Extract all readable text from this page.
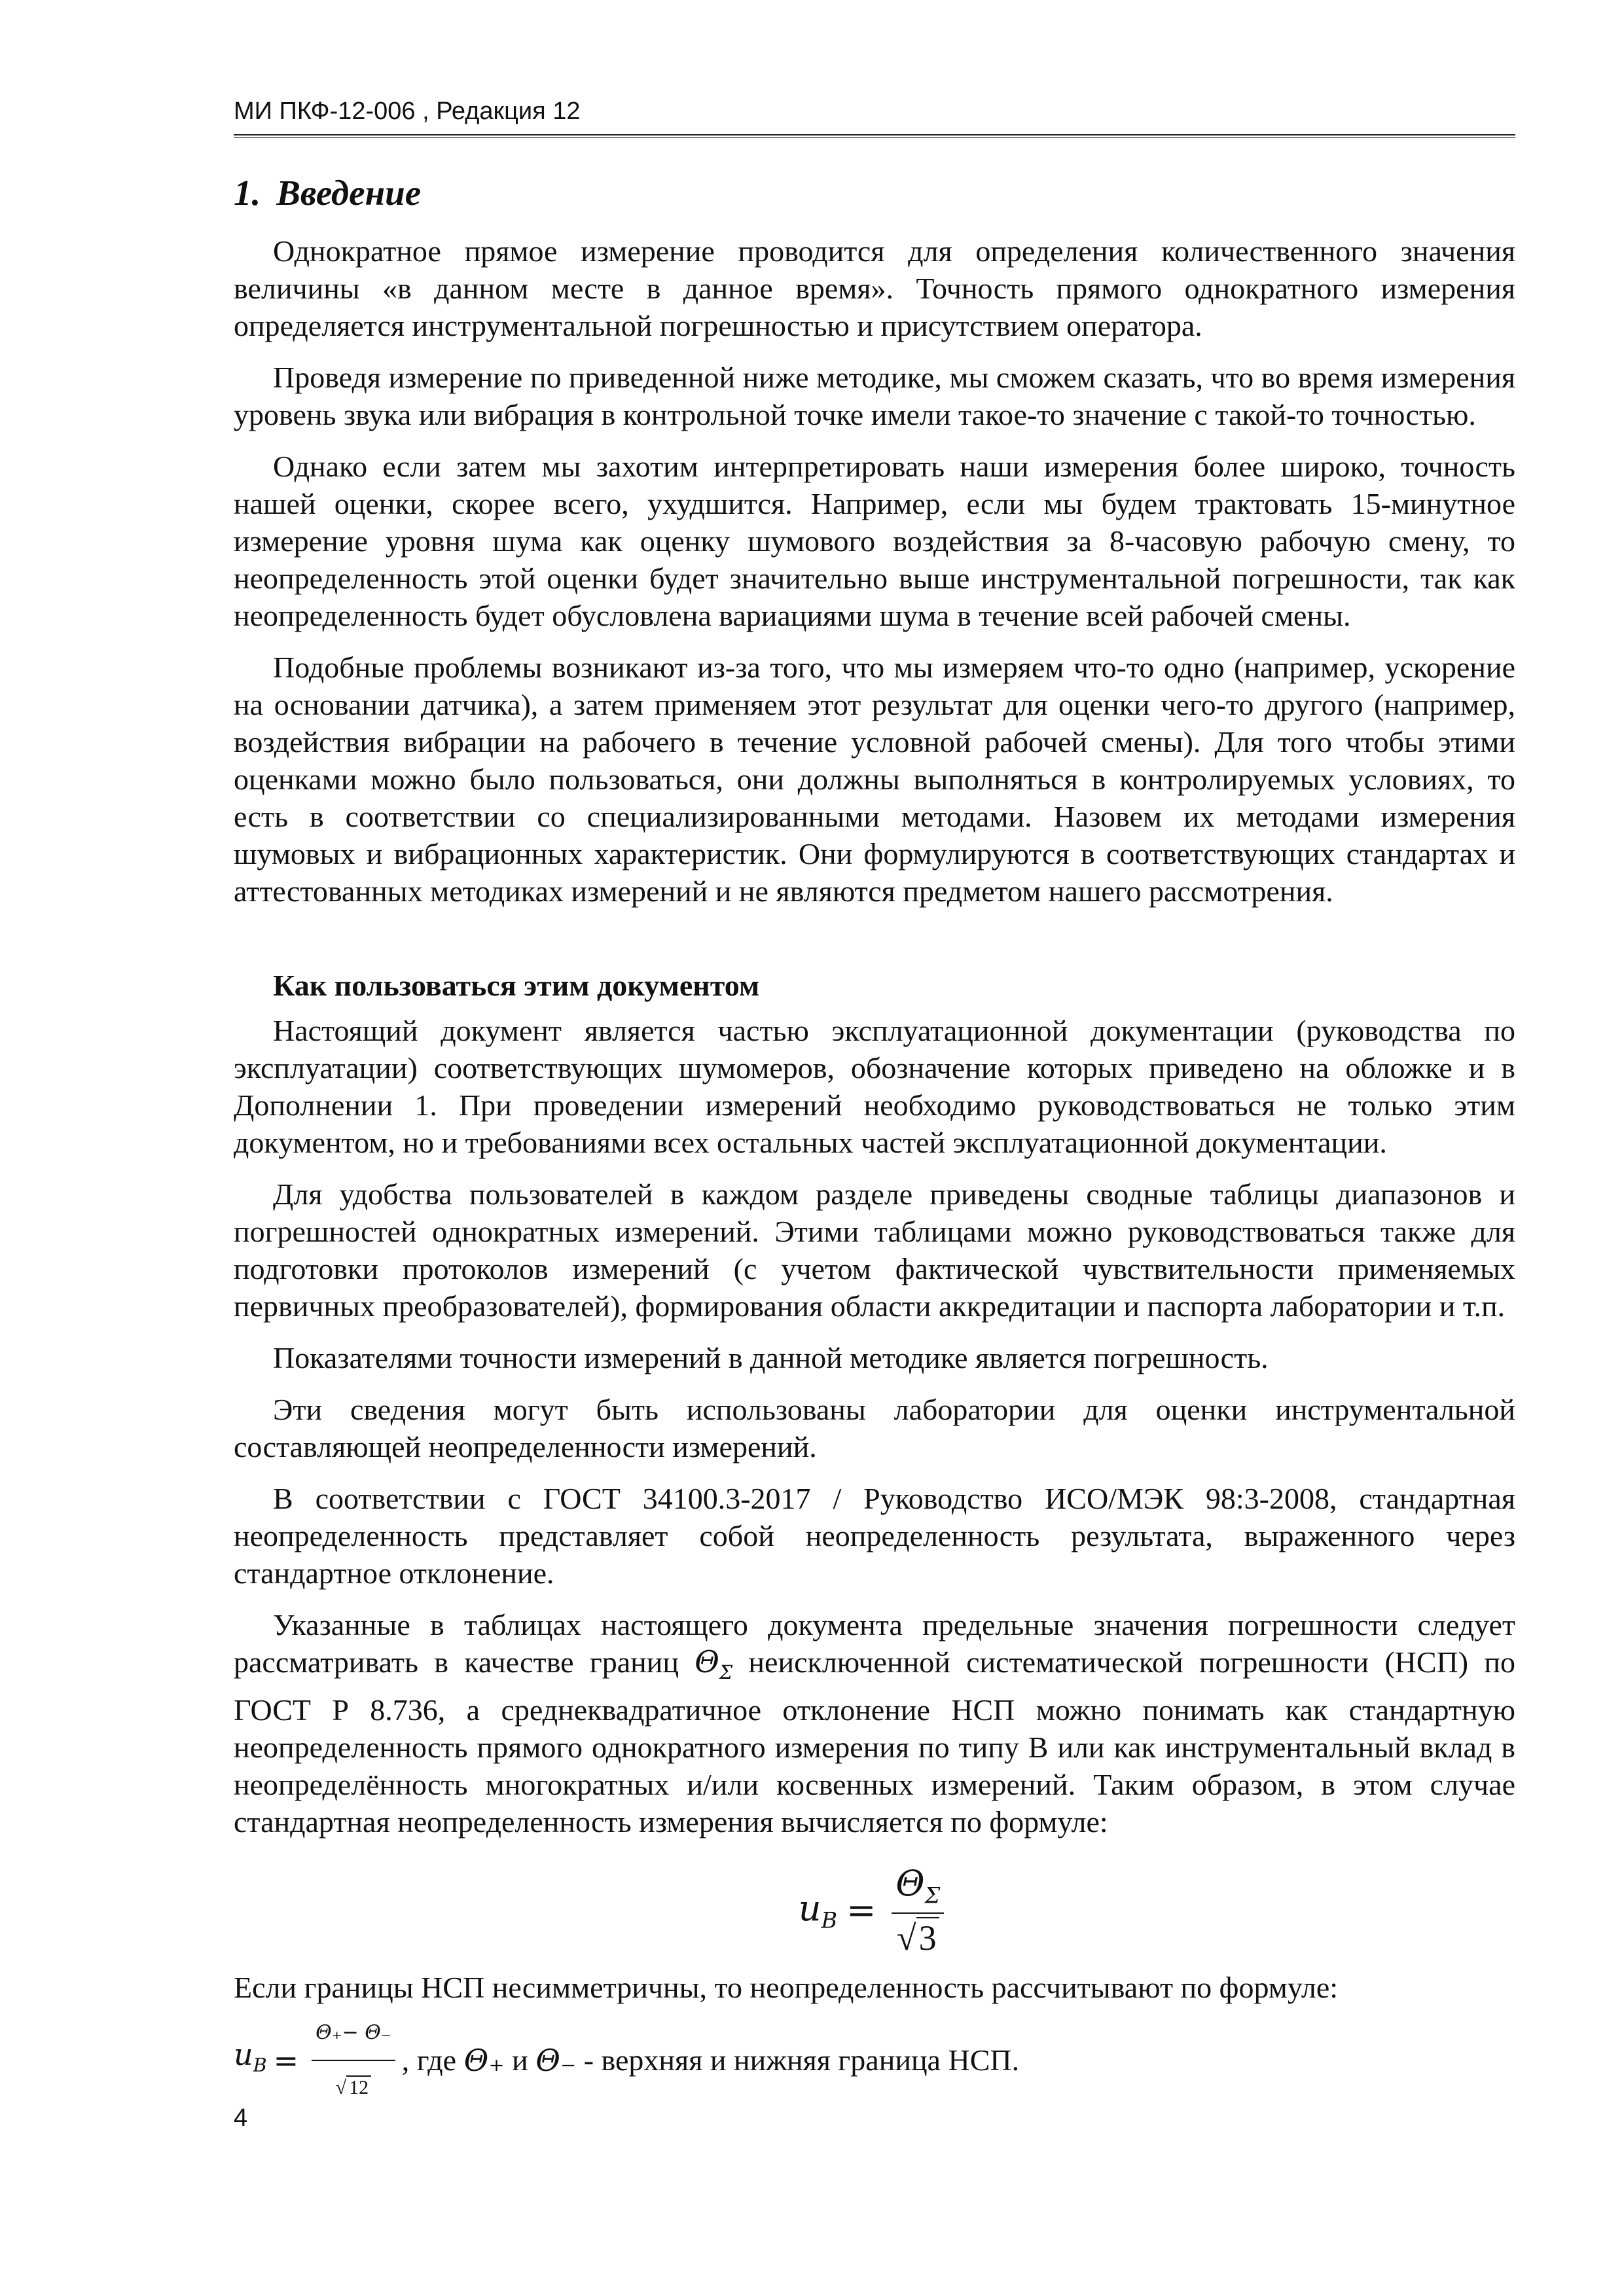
МИ ПКФ-12-006 , Редакция 12
1. Введение

Однократное прямое измерение проводится для определения количественного значения величины «в данном месте в данное время». Точность прямого однократного измерения определяется инструментальной погрешностью и присутствием оператора.

Проведя измерение по приведенной ниже методике, мы сможем сказать, что во время измерения уровень звука или вибрация в контрольной точке имели такое-то значение с такой-то точностью.

Однако если затем мы захотим интерпретировать наши измерения более широко, точность нашей оценки, скорее всего, ухудшится. Например, если мы будем трактовать 15-минутное измерение уровня шума как оценку шумового воздействия за 8-часовую рабочую смену, то неопределенность этой оценки будет значительно выше инструментальной погрешности, так как неопределенность будет обусловлена вариациями шума в течение всей рабочей смены.

Подобные проблемы возникают из-за того, что мы измеряем что-то одно (например, ускорение на основании датчика), а затем применяем этот результат для оценки чего-то другого (например, воздействия вибрации на рабочего в течение условной рабочей смены). Для того чтобы этими оценками можно было пользоваться, они должны выполняться в контролируемых условиях, то есть в соответствии со специализированными методами. Назовем их методами измерения шумовых и вибрационных характеристик. Они формулируются в соответствующих стандартах и аттестованных методиках измерений и не являются предметом нашего рассмотрения.

Как пользоваться этим документом

Настоящий документ является частью эксплуатационной документации (руководства по эксплуатации) соответствующих шумомеров, обозначение которых приведено на обложке и в Дополнении 1. При проведении измерений необходимо руководствоваться не только этим документом, но и требованиями всех остальных частей эксплуатационной документации.

Для удобства пользователей в каждом разделе приведены сводные таблицы диапазонов и погрешностей однократных измерений. Этими таблицами можно руководствоваться также для подготовки протоколов измерений (с учетом фактической чувствительности применяемых первичных преобразователей), формирования области аккредитации и паспорта лаборатории и т.п.

Показателями точности измерений в данной методике является погрешность.

Эти сведения могут быть использованы лаборатории для оценки инструментальной составляющей неопределенности измерений.

В соответствии с ГОСТ 34100.3-2017 / Руководство ИСО/МЭК 98:3-2008, стандартная неопределенность представляет собой неопределенность результата, выраженного через стандартное отклонение.

Указанные в таблицах настоящего документа предельные значения погрешности следует рассматривать в качестве границ $\Theta_\Sigma$ неисключенной систематической погрешности (НСП) по ГОСТ Р 8.736, а среднеквадратичное отклонение НСП можно понимать как стандартную неопределенность прямого однократного измерения по типу В или как инструментальный вклад в неопределённость многократных и/или косвенных измерений. Таким образом, в этом случае стандартная неопределенность измерения вычисляется по формуле:

$u_B = \frac{\Theta_\Sigma}{√3}$

Если границы НСП несимметричны, то неопределенность рассчитывают по формуле:

$u_B = \frac{\Theta_+- \Theta_-}{√ 12}$ , где Θ₊ и Θ₋ - верхняя и нижняя граница НСП.
4
